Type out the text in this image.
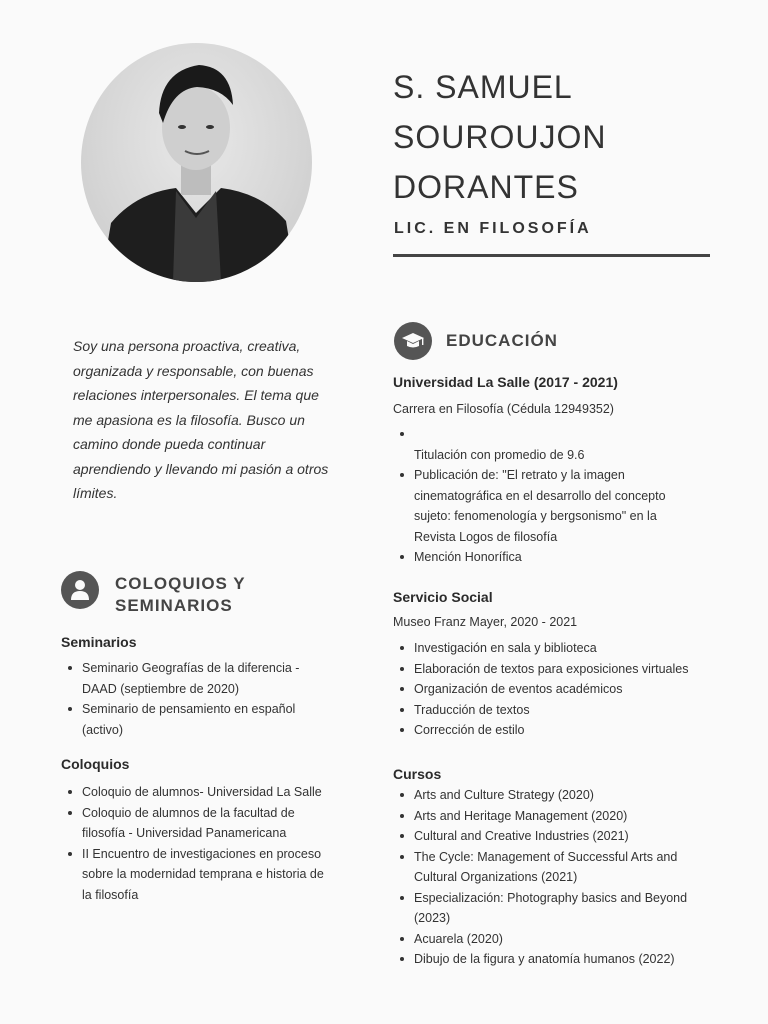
S. SAMUEL
SOUROUJON
DORANTES
LIC. EN FILOSOFÍA
Soy una persona proactiva, creativa, organizada y responsable, con buenas relaciones interpersonales. El tema que me apasiona es la filosofía. Busco un camino donde pueda continuar aprendiendo y llevando mi pasión a otros límites.
COLOQUIOS Y
SEMINARIOS
Seminarios
Seminario Geografías de la diferencia - DAAD (septiembre de 2020)
Seminario de pensamiento en español (activo)
Coloquios
Coloquio de alumnos- Universidad La Salle
Coloquio de alumnos de la facultad de filosofía - Universidad Panamericana
II Encuentro de investigaciones en proceso sobre la modernidad temprana e historia de la filosofía
EDUCACIÓN
Universidad La Salle (2017 - 2021)
Carrera en Filosofía (Cédula 12949352)
Titulación con promedio de 9.6
Publicación de: "El retrato y la imagen cinematográfica en el desarrollo del concepto sujeto: fenomenología y bergsonismo" en la Revista Logos de filosofía
Mención Honorífica
Servicio Social
Museo Franz Mayer, 2020 - 2021
Investigación en sala y biblioteca
Elaboración de textos para exposiciones virtuales
Organización de eventos académicos
Traducción de textos
Corrección de estilo
Cursos
Arts and Culture Strategy (2020)
Arts and Heritage Management (2020)
Cultural and Creative Industries (2021)
The Cycle: Management of Successful Arts and Cultural Organizations (2021)
Especialización: Photography basics and Beyond (2023)
Acuarela (2020)
Dibujo de la figura y anatomía humanos (2022)
